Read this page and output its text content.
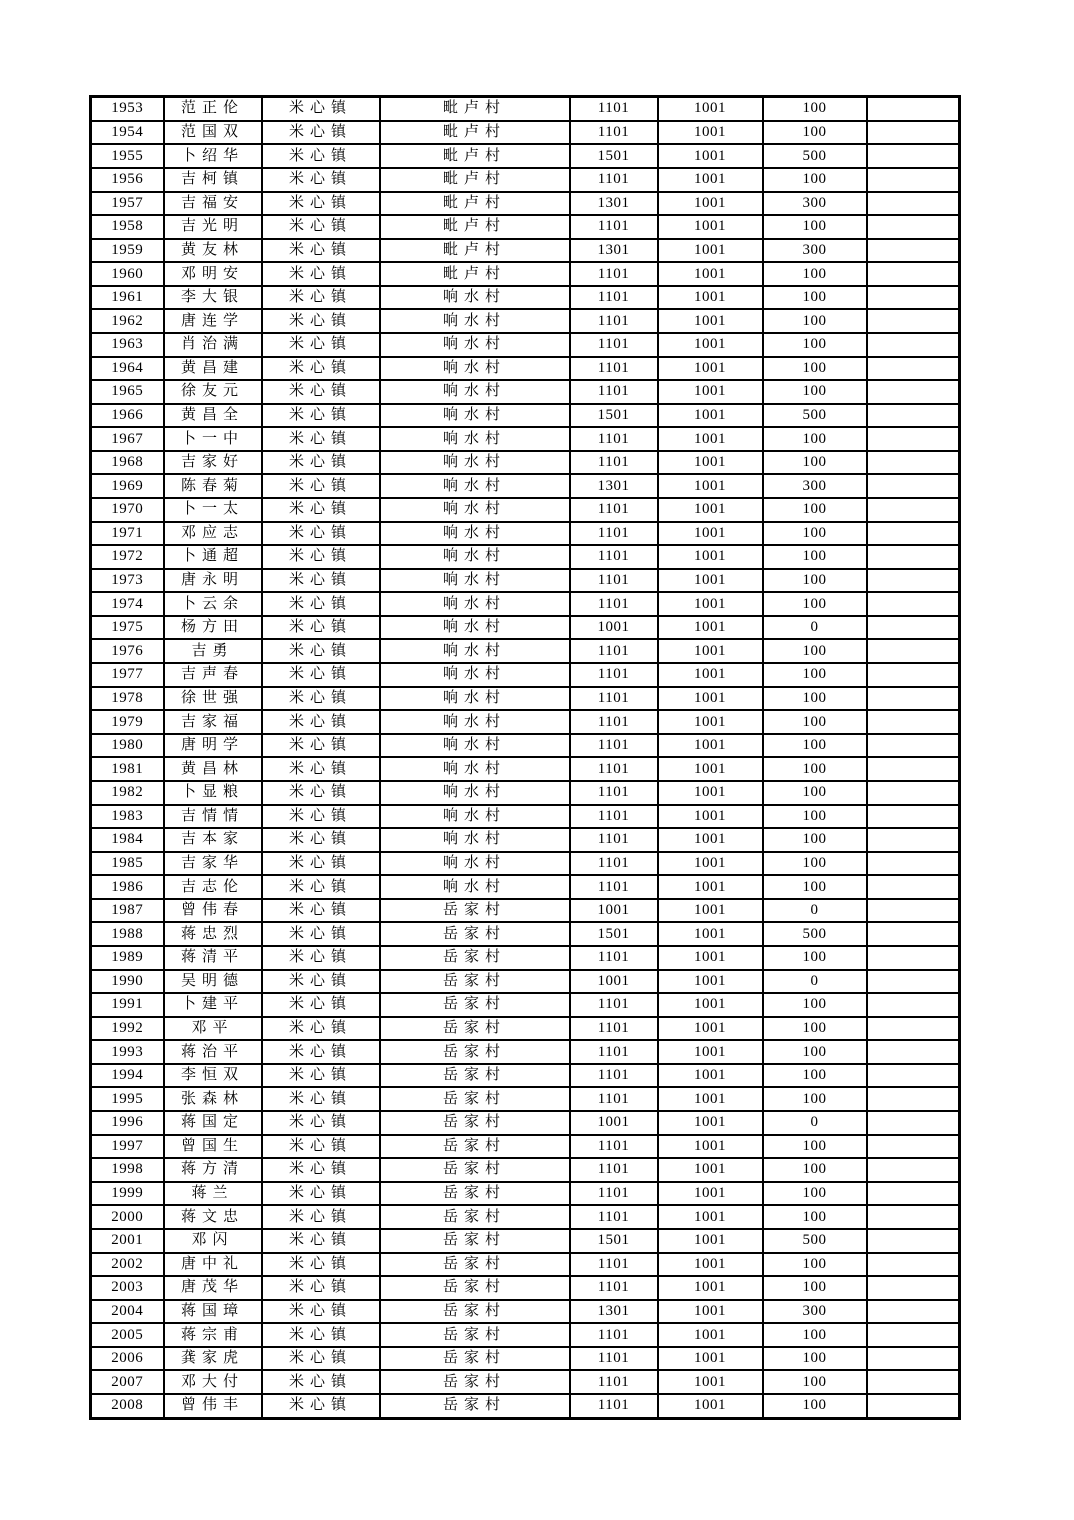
1953	范正伦	米心镇	毗卢村	1101	1001	100	
1954	范国双	米心镇	毗卢村	1101	1001	100	
1955	卜绍华	米心镇	毗卢村	1501	1001	500	
1956	吉柯镇	米心镇	毗卢村	1101	1001	100	
1957	吉福安	米心镇	毗卢村	1301	1001	300	
1958	吉光明	米心镇	毗卢村	1101	1001	100	
1959	黄友林	米心镇	毗卢村	1301	1001	300	
1960	邓明安	米心镇	毗卢村	1101	1001	100	
1961	李大银	米心镇	响水村	1101	1001	100	
1962	唐连学	米心镇	响水村	1101	1001	100	
1963	肖治满	米心镇	响水村	1101	1001	100	
1964	黄昌建	米心镇	响水村	1101	1001	100	
1965	徐友元	米心镇	响水村	1101	1001	100	
1966	黄昌全	米心镇	响水村	1501	1001	500	
1967	卜一中	米心镇	响水村	1101	1001	100	
1968	吉家好	米心镇	响水村	1101	1001	100	
1969	陈春菊	米心镇	响水村	1301	1001	300	
1970	卜一太	米心镇	响水村	1101	1001	100	
1971	邓应志	米心镇	响水村	1101	1001	100	
1972	卜通超	米心镇	响水村	1101	1001	100	
1973	唐永明	米心镇	响水村	1101	1001	100	
1974	卜云余	米心镇	响水村	1101	1001	100	
1975	杨方田	米心镇	响水村	1001	1001	0	
1976	吉勇	米心镇	响水村	1101	1001	100	
1977	吉声春	米心镇	响水村	1101	1001	100	
1978	徐世强	米心镇	响水村	1101	1001	100	
1979	吉家福	米心镇	响水村	1101	1001	100	
1980	唐明学	米心镇	响水村	1101	1001	100	
1981	黄昌林	米心镇	响水村	1101	1001	100	
1982	卜显粮	米心镇	响水村	1101	1001	100	
1983	吉情情	米心镇	响水村	1101	1001	100	
1984	吉本家	米心镇	响水村	1101	1001	100	
1985	吉家华	米心镇	响水村	1101	1001	100	
1986	吉志伦	米心镇	响水村	1101	1001	100	
1987	曾伟春	米心镇	岳家村	1001	1001	0	
1988	蒋忠烈	米心镇	岳家村	1501	1001	500	
1989	蒋清平	米心镇	岳家村	1101	1001	100	
1990	吴明德	米心镇	岳家村	1001	1001	0	
1991	卜建平	米心镇	岳家村	1101	1001	100	
1992	邓平	米心镇	岳家村	1101	1001	100	
1993	蒋治平	米心镇	岳家村	1101	1001	100	
1994	李恒双	米心镇	岳家村	1101	1001	100	
1995	张森林	米心镇	岳家村	1101	1001	100	
1996	蒋国定	米心镇	岳家村	1001	1001	0	
1997	曾国生	米心镇	岳家村	1101	1001	100	
1998	蒋方清	米心镇	岳家村	1101	1001	100	
1999	蒋兰	米心镇	岳家村	1101	1001	100	
2000	蒋文忠	米心镇	岳家村	1101	1001	100	
2001	邓闪	米心镇	岳家村	1501	1001	500	
2002	唐中礼	米心镇	岳家村	1101	1001	100	
2003	唐茂华	米心镇	岳家村	1101	1001	100	
2004	蒋国璋	米心镇	岳家村	1301	1001	300	
2005	蒋宗甫	米心镇	岳家村	1101	1001	100	
2006	龚家虎	米心镇	岳家村	1101	1001	100	
2007	邓大付	米心镇	岳家村	1101	1001	100	
2008	曾伟丰	米心镇	岳家村	1101	1001	100	
